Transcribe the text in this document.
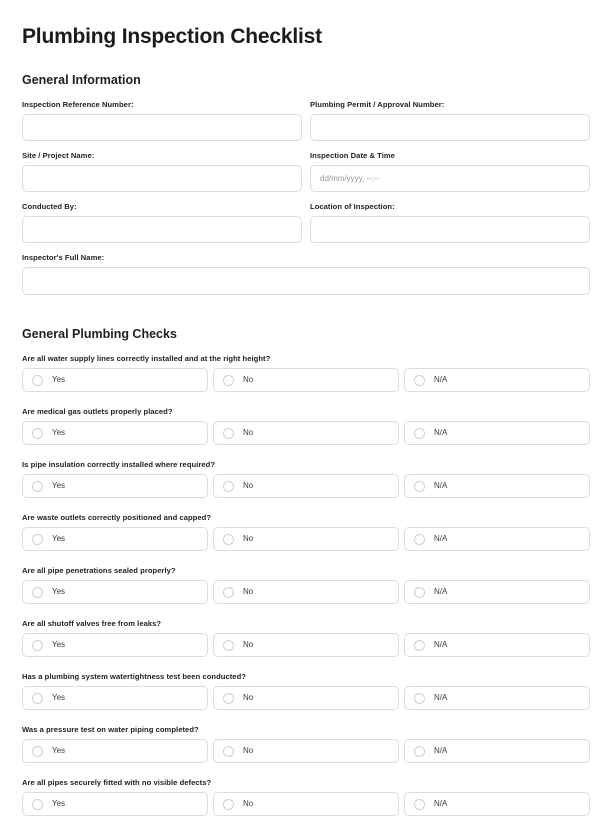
Plumbing Inspection Checklist
General Information
Inspection Reference Number:	Plumbing Permit / Approval Number:
Site / Project Name:	Inspection Date & Time
dd/mm/yyyy, --:--
Conducted By:	Location of Inspection:
Inspector's Full Name:
General Plumbing Checks
Are all water supply lines correctly installed and at the right height?
Yes	No	N/A
Are medical gas outlets properly placed?
Yes	No	N/A
Is pipe insulation correctly installed where required?
Yes	No	N/A
Are waste outlets correctly positioned and capped?
Yes	No	N/A
Are all pipe penetrations sealed properly?
Yes	No	N/A
Are all shutoff valves free from leaks?
Yes	No	N/A
Has a plumbing system watertightness test been conducted?
Yes	No	N/A
Was a pressure test on water piping completed?
Yes	No	N/A
Are all pipes securely fitted with no visible defects?
Yes	No	N/A
